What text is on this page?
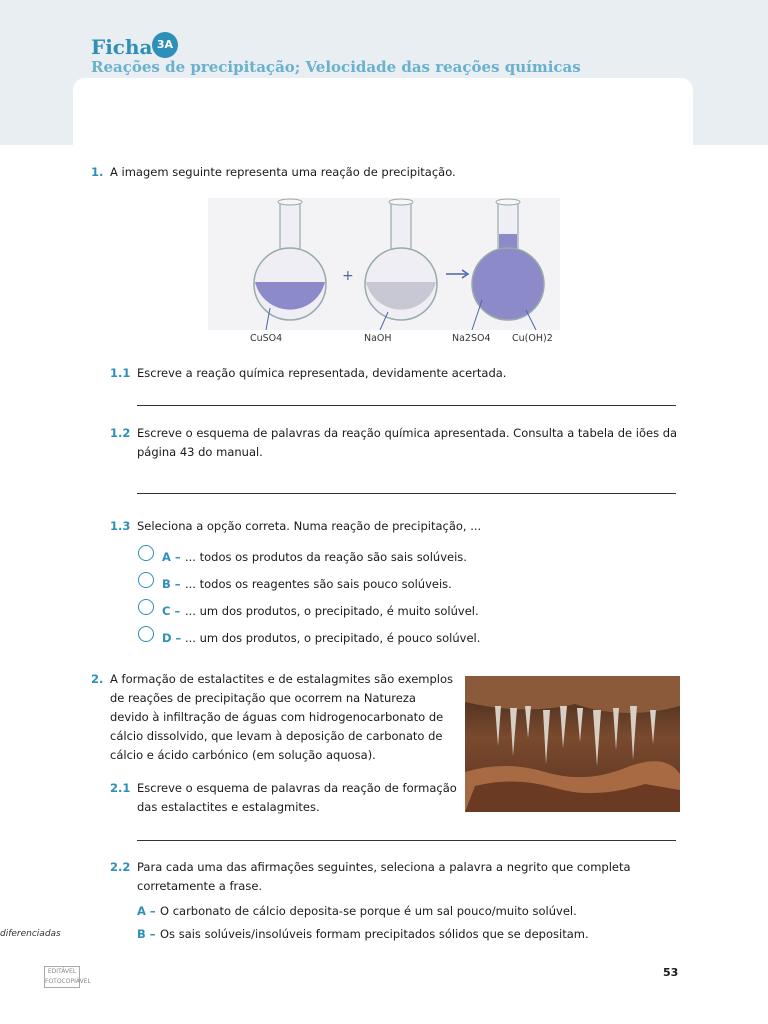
Ficha 3A
Reações de precipitação; Velocidade das reações químicas
1. A imagem seguinte representa uma reação de precipitação.
+
CuSO4	NaOH	Na2SO4 Cu(OH)2
1.1 Escreve a reação química representada, devidamente acertada.
1.2 Escreve o esquema de palavras da reação química apresentada. Consulta a tabela de iões da
página 43 do manual.
1.3 Seleciona a opção correta. Numa reação de precipitação, ...
A – ... todos os produtos da reação são sais solúveis.
B – ... todos os reagentes são sais pouco solúveis.
C – ... um dos produtos, o precipitado, é muito solúvel.
D – ... um dos produtos, o precipitado, é pouco solúvel.
2. A formação de estalactites e de estalagmites são exemplos
de reações de precipitação que ocorrem na Natureza
devido à infiltração de águas com hidrogenocarbonato de
cálcio dissolvido, que levam à deposição de carbonato de
cálcio e ácido carbónico (em solução aquosa).
2.1 Escreve o esquema de palavras da reação de formação
das estalactites e estalagmites.
2.2 Para cada uma das afirmações seguintes, seleciona a palavra a negrito que completa
corretamente a frase.
A – O carbonato de cálcio deposita-se porque é um sal pouco/muito solúvel.
B – Os sais solúveis/insolúveis formam precipitados sólidos que se depositam.
diferenciadas
EDITÁVEL FOTOCOPIÁVEL
53
